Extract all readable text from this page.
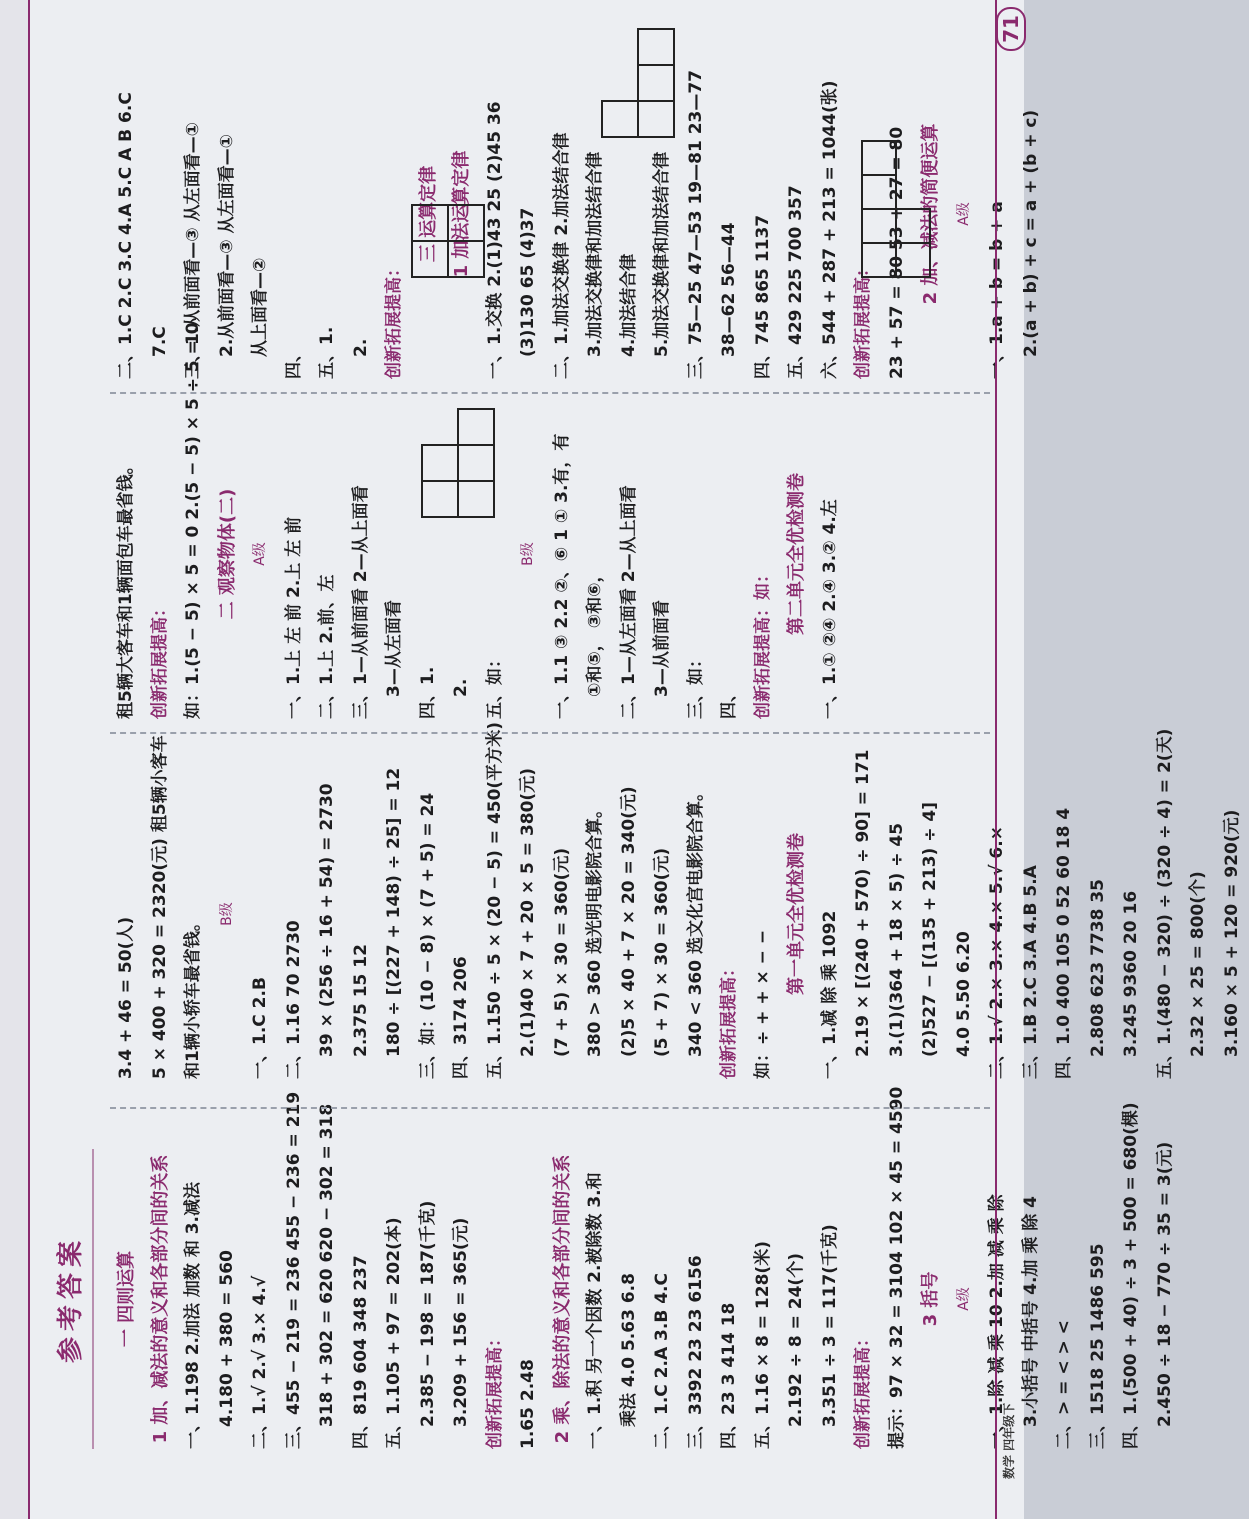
参考答案	一 四则运算 1 加、减法的意义和各部分间的关系 一、1.198 2.加法 加数 和 3.减法 4.180 + 380 = 560 二、1.√ 2.√ 3.× 4.√ 三、455 − 219 = 236 455 − 236 = 219 318 + 302 = 620 620 − 302 = 318 四、819 604 348 237 五、1.105 + 97 = 202(本) 2.385 − 198 = 187(千克) 3.209 + 156 = 365(元) 创新拓展提高： 1.65 2.48 2 乘、除法的意义和各部分间的关系 一、1.积 另一个因数 2.被除数 3.和 乘法 4.0 5.63 6.8 二、1.C 2.A 3.B 4.C 三、3392 23 23 6156 四、23 3 414 18 五、1.16 × 8 = 128(米) 2.192 ÷ 8 = 24(个) 3.351 ÷ 3 = 117(千克) 创新拓展提高： 提示：97 × 32 = 3104 102 × 45 = 4590 3 括号	A级 一、1.除 减 乘 10 2.加 减 乘 除 3.小括号 中括号 4.加 乘 除 4 二、> = < > < 三、1518 25 1486 595 四、1.(500 + 40) ÷ 3 + 500 = 680(棵) 2.450 ÷ 18 − 770 ÷ 35 = 3(元)
3.4 + 46 = 50(人) 5 × 400 + 320 = 2320(元) 租5辆小客车 和1辆小轿车最省钱。
B级
一、1.C 2.B 二、1.16 70 2730 39 × (256 ÷ 16 + 54) = 2730 2.375 15 12 180 ÷ [(227 + 148) ÷ 25] = 12 三、如：(10 − 8) × (7 + 5) = 24 四、3174 206 五、1.150 ÷ 5 × (20 − 5) = 450(平方米) 2.(1)40 × 7 + 20 × 5 = 380(元) (7 + 5) × 30 = 360(元) 380 > 360 选光明电影院合算。 (2)5 × 40 + 7 × 20 = 340(元) (5 + 7) × 30 = 360(元) 340 < 360 选文化宫电影院合算。 创新拓展提高： 如：÷ + + × − −
第一单元全优检测卷 一、1.减 除 乘 1092 2.19 × [(240 + 570) ÷ 90] = 171 3.(1)(364 + 18 × 5) ÷ 45 (2)527 − [(135 + 213) ÷ 4] 4.0 5.50 6.20 二、1.√ 2.× 3.× 4.× 5.√ 6.× 三、1.B 2.C 3.A 4.B 5.A 四、1.0 400 105 0 52 60 18 4 2.808 623 7738 35 3.245 9360 20 16 五、1.(480 − 320) ÷ (320 ÷ 4) = 2(天) 2.32 × 25 = 800(个) 3.160 × 5 + 120 = 920(元)
租5辆大客车和1辆面包车最省钱。 创新拓展提高： 如：1.(5 − 5) × 5 = 0 2.(5 − 5) × 5 ÷ 5 = 0 二 观察物体(二)	A级 一、1.上 左 前 2.上 左 前 二、1.上 2.前、左 三、1—从前面看 2—从上面看 3—从左面看 四、1. 2. 五、如：
B级 一、1.1 ③ 2.2 ②、⑥ 1 ① 3.有，有 ①和⑤， ③和⑥， 二、1—从左面看 2—从上面看 3—从前面看 三、如： 四、 创新拓展提高：如：
第二单元全优检测卷 一、1.① ②④ 2.④ 3.② 4.左
二、1.C 2.C 3.C 4.A 5.C A B 6.C 7.C 三、1.从前面看—③ 从左面看—① 2.从前面看—③ 从左面看—① 从上面看—②
四、 五、1. 2. 创新拓展提高：
三 运算定律 1 加法运算定律 一、1.交换 2.(1)43 25 (2)45 36 (3)130 65 (4)37 二、1.加法交换律 2.加法结合律 3.加法交换律和加法结合律 4.加法结合律 5.加法交换律和加法结合律 三、75—25 47—53 19—81 23—77 38—62 56—44 四、745 865 1137 五、429 225 700 357 六、544 + 287 + 213 = 1044(张) 创新拓展提高： 23 + 57 = 80 53 + 27 = 80 2 加、减法的简便运算	A级 一、1.a + b = b + a 2.(a + b) + c = a + (b + c)
数学 四年级下
71
